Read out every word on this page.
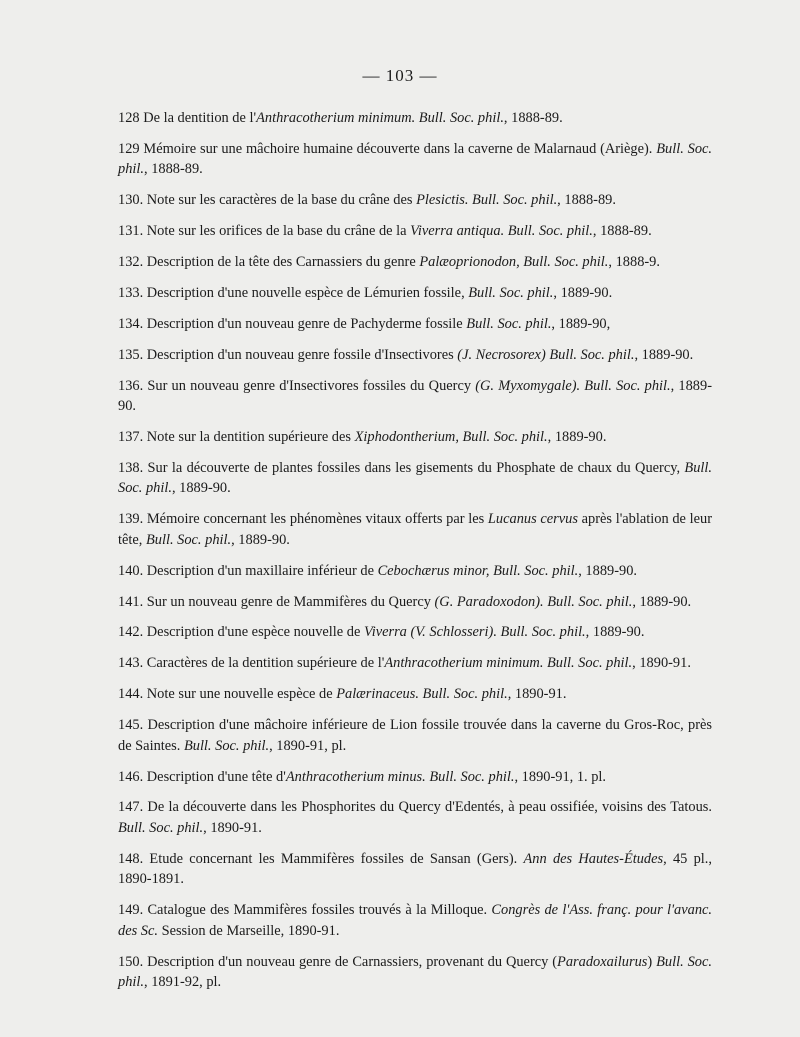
— 103 —
128 De la dentition de l'Anthracotherium minimum. Bull. Soc. phil., 1888-89.
129 Mémoire sur une mâchoire humaine découverte dans la caverne de Malarnaud (Ariège). Bull. Soc. phil., 1888-89.
130. Note sur les caractères de la base du crâne des Plesictis. Bull. Soc. phil., 1888-89.
131. Note sur les orifices de la base du crâne de la Viverra antiqua. Bull. Soc. phil., 1888-89.
132. Description de la tête des Carnassiers du genre Palæoprionodon, Bull. Soc. phil., 1888-9.
133. Description d'une nouvelle espèce de Lémurien fossile, Bull. Soc. phil., 1889-90.
134. Description d'un nouveau genre de Pachyderme fossile Bull. Soc. phil., 1889-90,
135. Description d'un nouveau genre fossile d'Insectivores (J. Necrosorex) Bull. Soc. phil., 1889-90.
136. Sur un nouveau genre d'Insectivores fossiles du Quercy (G. Myxomygale). Bull. Soc. phil., 1889-90.
137. Note sur la dentition supérieure des Xiphodontherium, Bull. Soc. phil., 1889-90.
138. Sur la découverte de plantes fossiles dans les gisements du Phosphate de chaux du Quercy, Bull. Soc. phil., 1889-90.
139. Mémoire concernant les phénomènes vitaux offerts par les Lucanus cervus après l'ablation de leur tête, Bull. Soc. phil., 1889-90.
140. Description d'un maxillaire inférieur de Cebochærus minor, Bull. Soc. phil., 1889-90.
141. Sur un nouveau genre de Mammifères du Quercy (G. Paradoxodon). Bull. Soc. phil., 1889-90.
142. Description d'une espèce nouvelle de Viverra (V. Schlosseri). Bull. Soc. phil., 1889-90.
143. Caractères de la dentition supérieure de l'Anthracotherium minimum. Bull. Soc. phil., 1890-91.
144. Note sur une nouvelle espèce de Palærinaceus. Bull. Soc. phil., 1890-91.
145. Description d'une mâchoire inférieure de Lion fossile trouvée dans la caverne du Gros-Roc, près de Saintes. Bull. Soc. phil., 1890-91, pl.
146. Description d'une tête d'Anthracotherium minus. Bull. Soc. phil., 1890-91, 1. pl.
147. De la découverte dans les Phosphorites du Quercy d'Edentés, à peau ossifiée, voisins des Tatous. Bull. Soc. phil., 1890-91.
148. Etude concernant les Mammifères fossiles de Sansan (Gers). Ann des Hautes-Études, 45 pl., 1890-1891.
149. Catalogue des Mammifères fossiles trouvés à la Milloque. Congrès de l'Ass. franç. pour l'avanc. des Sc. Session de Marseille, 1890-91.
150. Description d'un nouveau genre de Carnassiers, provenant du Quercy (Paradoxailurus) Bull. Soc. phil., 1891-92, pl.
